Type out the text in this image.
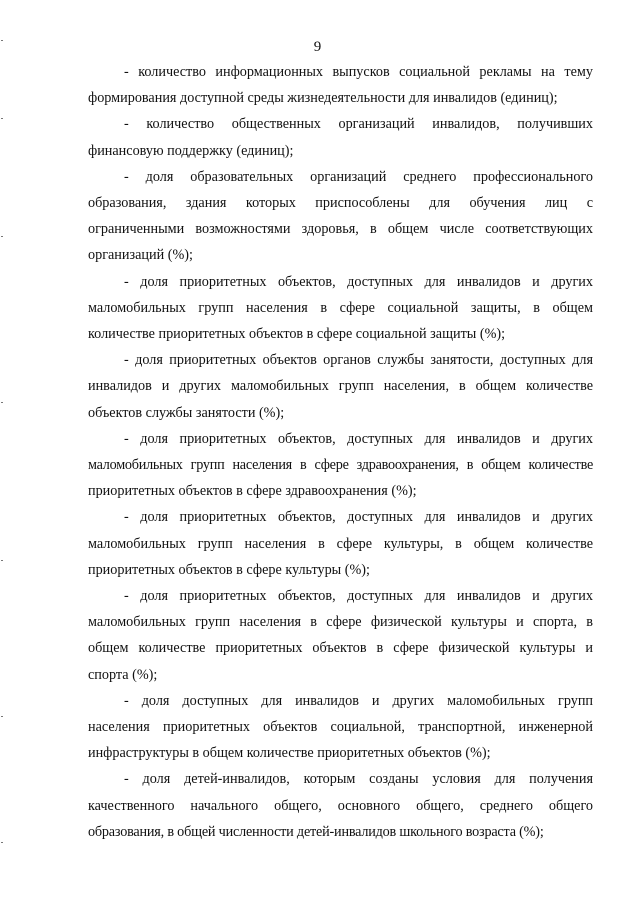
9

- количество информационных выпусков социальной рекламы на тему
формирования доступной среды жизнедеятельности для инвалидов (единиц);

- количество общественных организаций инвалидов, получивших
финансовую поддержку (единиц);

- доля образовательных организаций среднего профессионального
образования, здания которых приспособлены для обучения лиц с
ограниченными возможностями здоровья, в общем числе соответствующих
организаций (%);

- доля приоритетных объектов, доступных для инвалидов и других
маломобильных групп населения в сфере социальной защиты, в общем
количестве приоритетных объектов в сфере социальной защиты (%);

- доля приоритетных объектов органов службы занятости, доступных для
инвалидов и других маломобильных групп населения, в общем количестве
объектов службы занятости (%);

- доля приоритетных объектов, доступных для инвалидов и других
маломобильных групп населения в сфере здравоохранения, в общем количестве
приоритетных объектов в сфере здравоохранения (%);

- доля приоритетных объектов, доступных для инвалидов и других
маломобильных групп населения в сфере культуры, в общем количестве
приоритетных объектов в сфере культуры (%);

- доля приоритетных объектов, доступных для инвалидов и других
маломобильных групп населения в сфере физической культуры и спорта, в
общем количестве приоритетных объектов в сфере физической культуры и
спорта (%);

- доля доступных для инвалидов и других маломобильных групп
населения приоритетных объектов социальной, транспортной, инженерной
инфраструктуры в общем количестве приоритетных объектов (%);

- доля детей-инвалидов, которым созданы условия для получения
качественного начального общего, основного общего, среднего общего
образования, в общей численности детей-инвалидов школьного возраста (%);
